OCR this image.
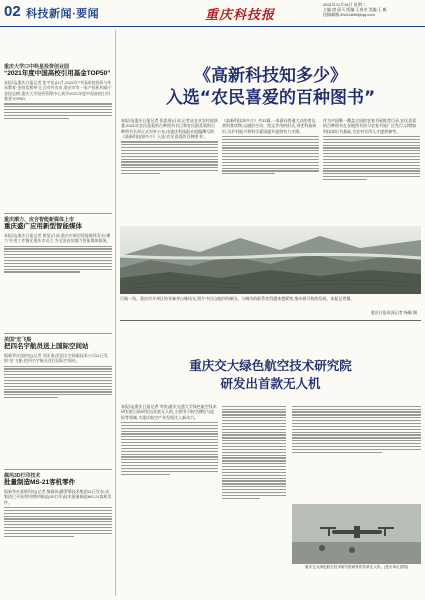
02 科技新闻·要闻	重庆科技报
2021年11月16日 星期二
主编:唐 邱天 版编:王春芳 美编:王 帆
投稿邮箱:33411698@qq.com
重庆大学口中科星投资创业园
“2021年度中国高校引用基金TOP50”
本报讯(重庆日报记者 张宇佳)11月,2021年“中国高校投资与传承教育·金投奖榜单”正式对外发布,重庆市有一家产投机构载于金投总榜,重庆大学投资管理中心获评2021年度中国高校引用基金TOP50。
重庆潮力、应合智能新媒体上市
重庆盛广应用新型智能媒体
本报讯(重庆日报记者 黄某)日前,重庆市新型智能媒体发布“潮力”应用工作链在重庆市设立,为全国首款潮力智能媒体服务。
美国“宏飞船
把四名宇航员送上国际空间站
据新华社纽约电(记者 刘亚南)美国太空探索技术公司11日发射“龙”飞船,把四名宇航员送往国际空间站。
佩玛3D打印技术
批量制造MS-21客机零件
据新华社莫斯科电(记者 黎藤伟)俄罗斯技术集团11日宣布,该集团已开始利用增材制造(3D打印)技术批量制造MS-21客机零件。
《高新科技知多少》
入选“农民喜爱的百种图书”
本报讯(重庆日报记者 张思瑶)日前,记者从农业农村部获悉,2021年农民喜爱的百种图书书目和农民最喜爱的百种图书名单正式对外公布,由重庆科技报社组编撰写的《高新科技知多少》入选“农民喜爱的百种图书”。
《高新科技知多少》共33篇,一本面向普通大众的普及类科普读物,以通俗生动、图文并茂的形式,讲述科技知识,为乡村振兴和科学素质提升提供有力支撑。
作为中国唯一覆盖全国的农家书屋推荐目录,农民喜爱的百种图书在各地图书馆与农家书屋广泛发行,以增加科技知识为基础,为农村实用人才提供参考。
百瑞一角。重庆市开州区的亚麻芽山脉风光,图片中沿山地形的梯田。与城市的联系变得越来越紧密,推动着可持续发展。本报记者摄。
重庆日报资深记者 杨颖 摄
重庆交大绿色航空技术研究院
研发出首款无人机
本报讯(重庆日报记者 李涛)重庆交通大学绿色航空技术研究院日前研发出首款无人机,主要用于航空测绘与巡检等领域,为重庆航空产业发展注入新动力。
重庆交大绿色航空技术研究院研发的首款无人机。(受访单位供图)
